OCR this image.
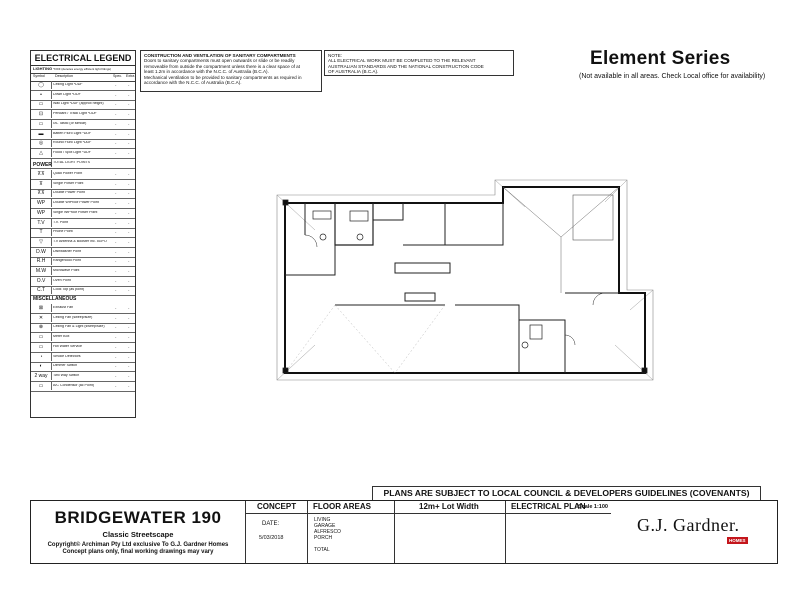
ELECTRICAL LEGEND
LIGHTING *DDF (denotes energy efficient light fittings)
Symbol	Description	Spec. Extra
◯	Ceiling Light *DDF	-	-
•	Down Light *DDF	-	-
▭	Wall Light *DDF (approx height)	-	-
⊡	Pendant / Track Light *DDF	-	-
▭	IXL Tastic (or similar)	-	-
▬	Batten Fluro Light *DDF	-	-
◎	Round Fluro Light *DDF	-	-
△	Flood / Spot Light *DDF	-	-
TOTAL LIGHT POINTS
POWER
⊼⊼	Quad Power Point	-	-
⊼	Single Power Point	-	-
⊼⊼	Double Power Point	-	-
WP	Double WtProof Power Point	-	-
WP	Single WtProof Power Point	-	-
T.V	T.V. Point	-	-
T	Phone Point	-	-
▽	T.V Antenna & Booster inc. 5GPO	-	-
D.W	Dishwasher Point	-	-
R.H	Rangehood Point	-	-
M.W	Microwave Point	-	-
O.V	Oven Point	-	-
C.T	Cook Top (as point)	-	-
MISCELLANEOUS
⊠	Exhaust Fan	-	-
✕	Ceiling Fan (sweep/size)	-	-
⊗	Ceiling Fan & Light (sweep/size)	-	-
▭	Meter Box	-	-
▭	Hot Water Service	-	-
◔	Smoke Detectors	-	-
◐	Dimmer Switch	-	-
2 way	Two Way Switch	-	-
▭	A/C Condensor (ac Point)	-	-
CONSTRUCTION AND VENTILATION OF SANITARY COMPARTMENTS
Doors to sanitary compartments must open outwards or slide or be readily
removeable from outside the compartment unless there is a clear space of at
least 1.2m in accordance with the N.C.C. of Australia (B.C.A).
Mechanical ventilation to be provided to sanitary compartments as required in
accordance with the N.C.C. of Australia (B.C.A).
NOTE:
ALL ELECTRICAL WORK MUST BE COMPLETED TO THE RELEVANT
AUSTRALIAN STANDARDS AND THE NATIONAL CONSTRUCTION CODE
OF AUSTRALIA (B.C.A).
Element Series
(Not available in all areas. Check Local office for availability)
PLANS ARE SUBJECT TO LOCAL COUNCIL & DEVELOPERS GUIDELINES (COVENANTS)
BRIDGEWATER 190
Classic Streetscape
Copyright© Archiman Pty Ltd exclusive To G.J. Gardner Homes
Concept plans only, final working drawings may vary
CONCEPT
DATE:
5/03/2018
FLOOR AREAS
LIVING
GARAGE
ALFRESCO
PORCH
TOTAL
12m+ Lot Width	ELECTRICAL PLAN
Scale 1:100
G.J. Gardner.
HOMES
